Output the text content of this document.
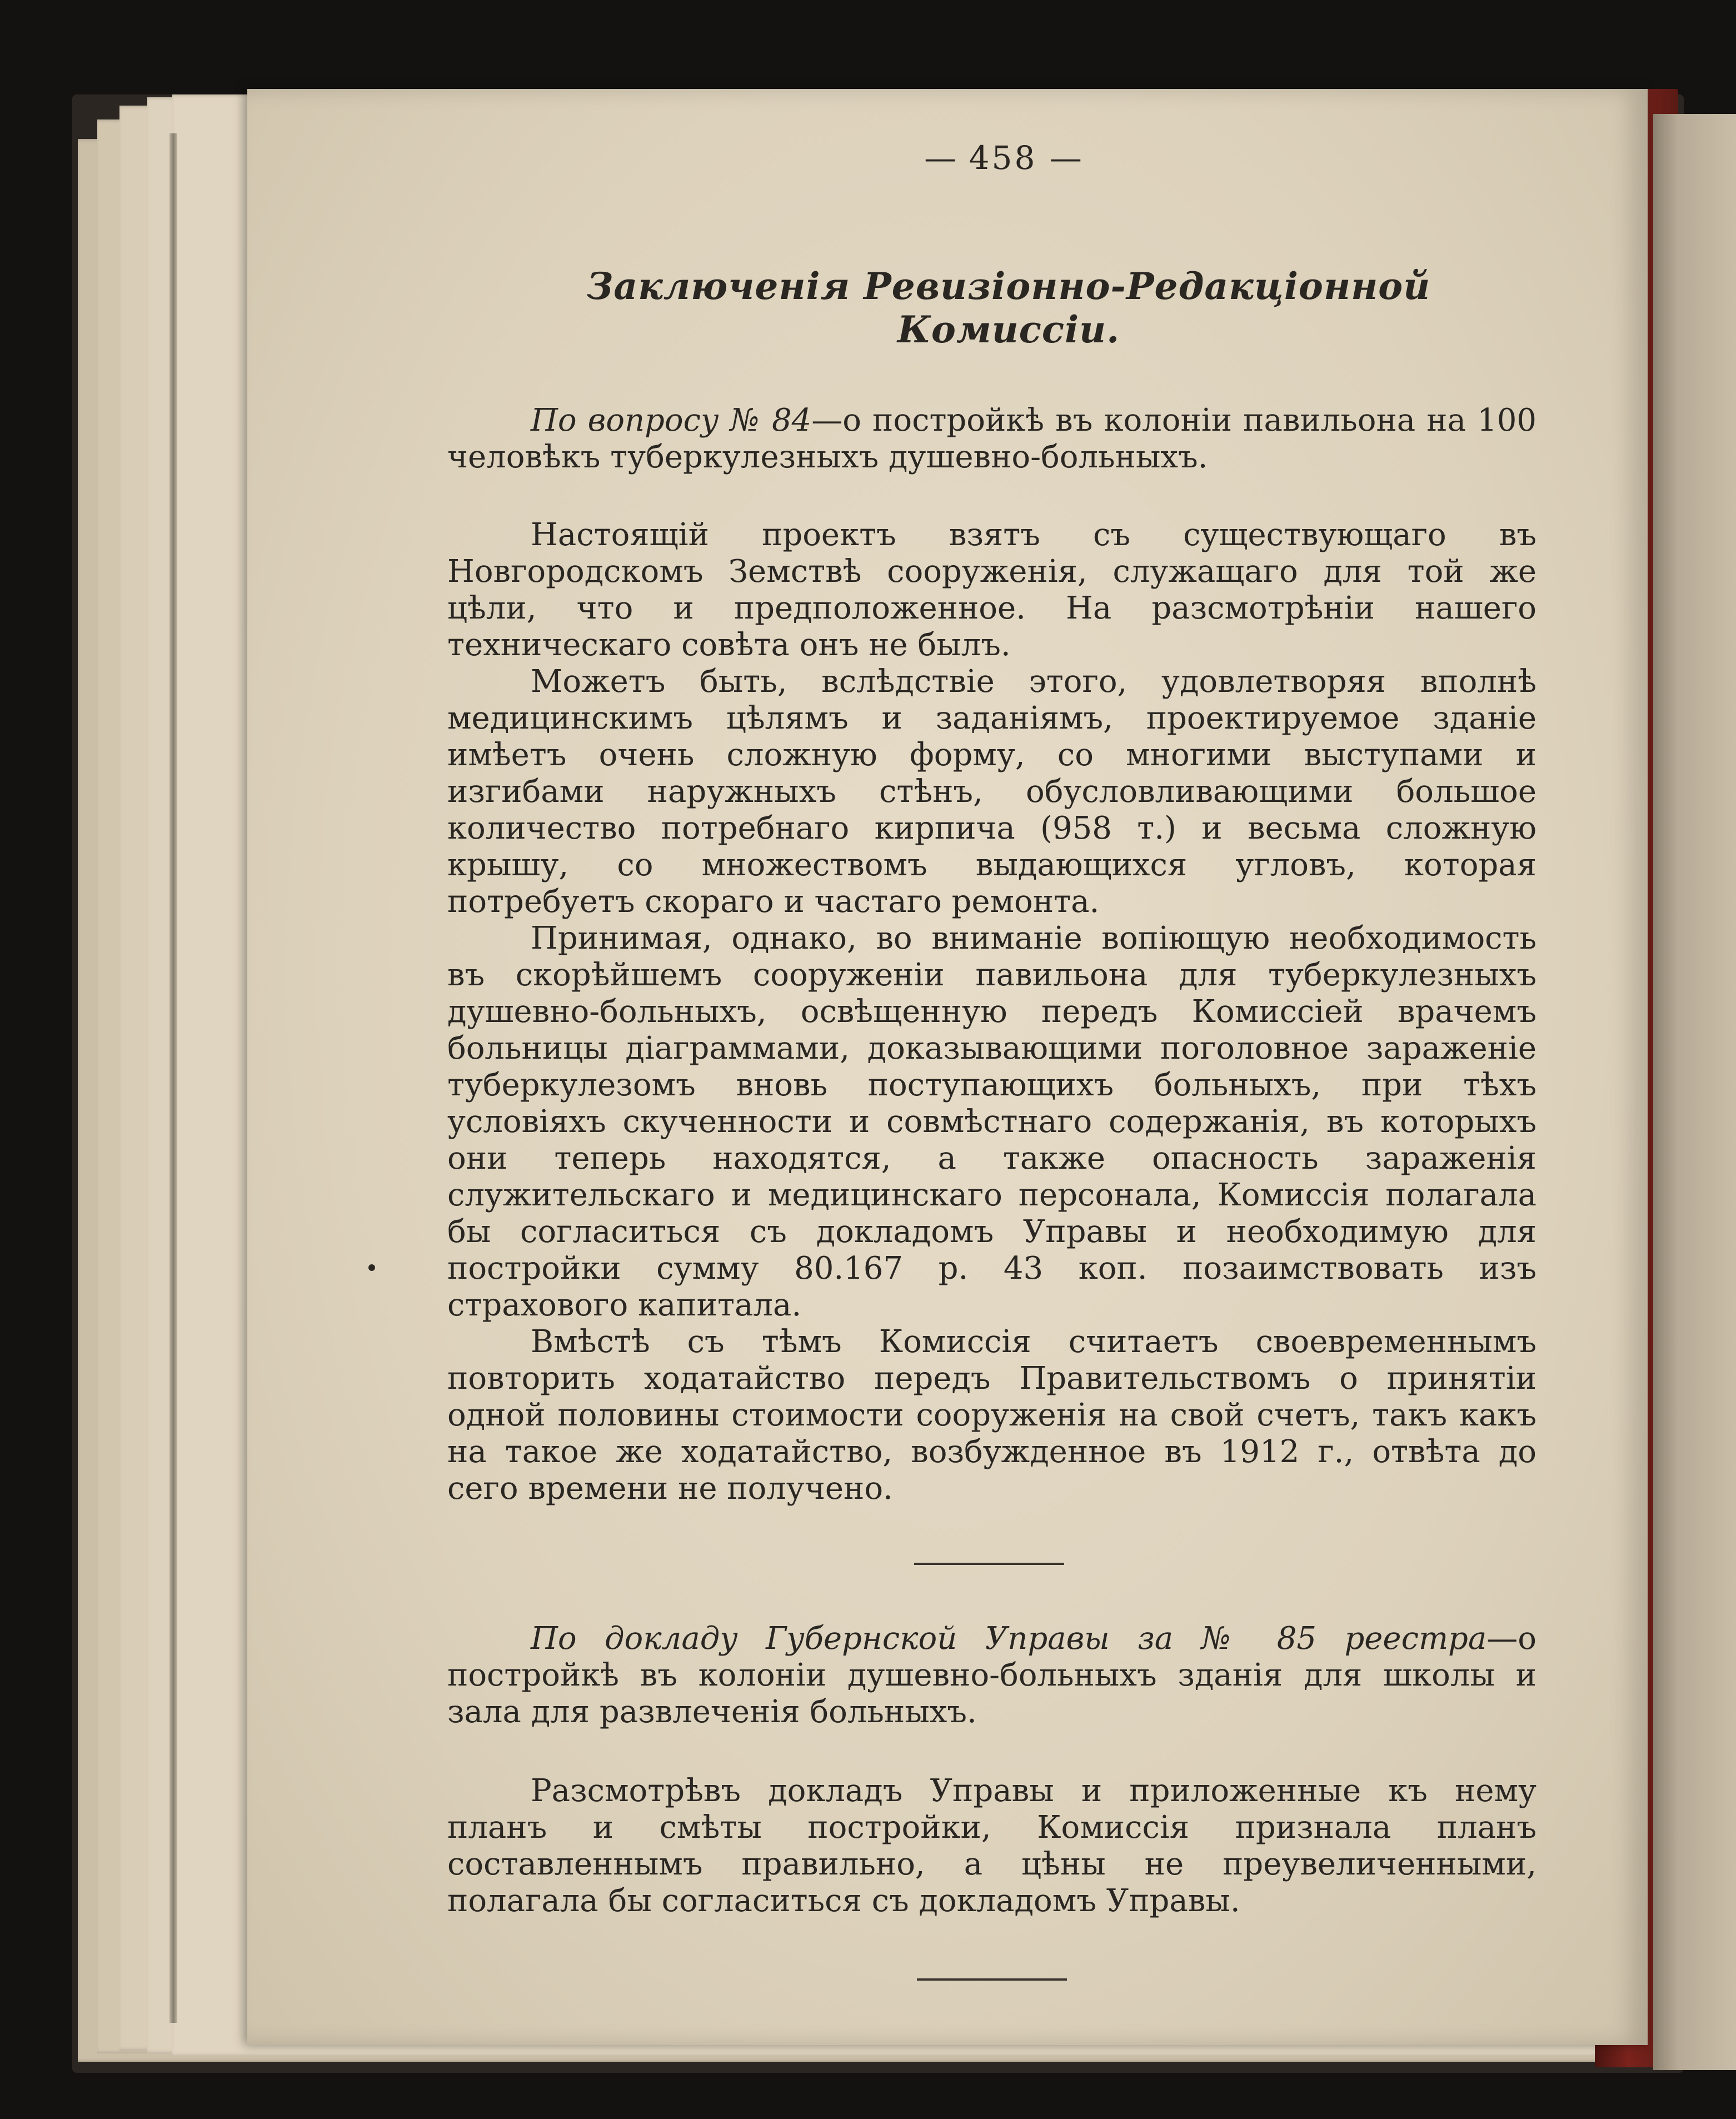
— 458 —
Заключенія Ревизіонно-Редакціонной Комиссіи.

По вопросу № 84—о постройкѣ въ колоніи павильона на 100 человѣкъ туберкулезныхъ душевно-больныхъ.

Настоящій проектъ взятъ съ существующаго въ Новгородскомъ Земствѣ сооруженія, служащаго для той же цѣли, что и предположенное. На разсмотрѣніи нашего техническаго совѣта онъ не былъ.

Можетъ быть, вслѣдствіе этого, удовлетворяя вполнѣ медицинскимъ цѣлямъ и заданіямъ, проектируемое зданіе имѣетъ очень сложную форму, со многими выступами и изгибами наружныхъ стѣнъ, обусловливающими большое количество потребнаго кирпича (958 т.) и весьма сложную крышу, со множествомъ выдающихся угловъ, которая потребуетъ скораго и частаго ремонта.

Принимая, однако, во вниманіе вопіющую необходимость въ скорѣйшемъ сооруженіи павильона для туберкулезныхъ душевно-больныхъ, освѣщенную передъ Комиссіей врачемъ больницы діаграммами, доказывающими поголовное зараженіе туберкулезомъ вновь поступающихъ больныхъ, при тѣхъ условіяхъ скученности и совмѣстнаго содержанія, въ которыхъ они теперь находятся, а также опасность зараженія служительскаго и медицинскаго персонала, Комиссія полагала бы согласиться съ докладомъ Управы и необходимую для постройки сумму 80.167 р. 43 коп. позаимствовать изъ страхового капитала.

Вмѣстѣ съ тѣмъ Комиссія считаетъ своевременнымъ повторить ходатайство передъ Правительствомъ о принятіи одной половины стоимости сооруженія на свой счетъ, такъ какъ на такое же ходатайство, возбужденное въ 1912 г., отвѣта до сего времени не получено.

По докладу Губернской Управы за № 85 реестра—о постройкѣ въ колоніи душевно-больныхъ зданія для школы и зала для развлеченія больныхъ.

Разсмотрѣвъ докладъ Управы и приложенные къ нему планъ и смѣты постройки, Комиссія признала планъ составленнымъ правильно, а цѣны не преувеличенными, полагала бы согласиться съ докладомъ Управы.
